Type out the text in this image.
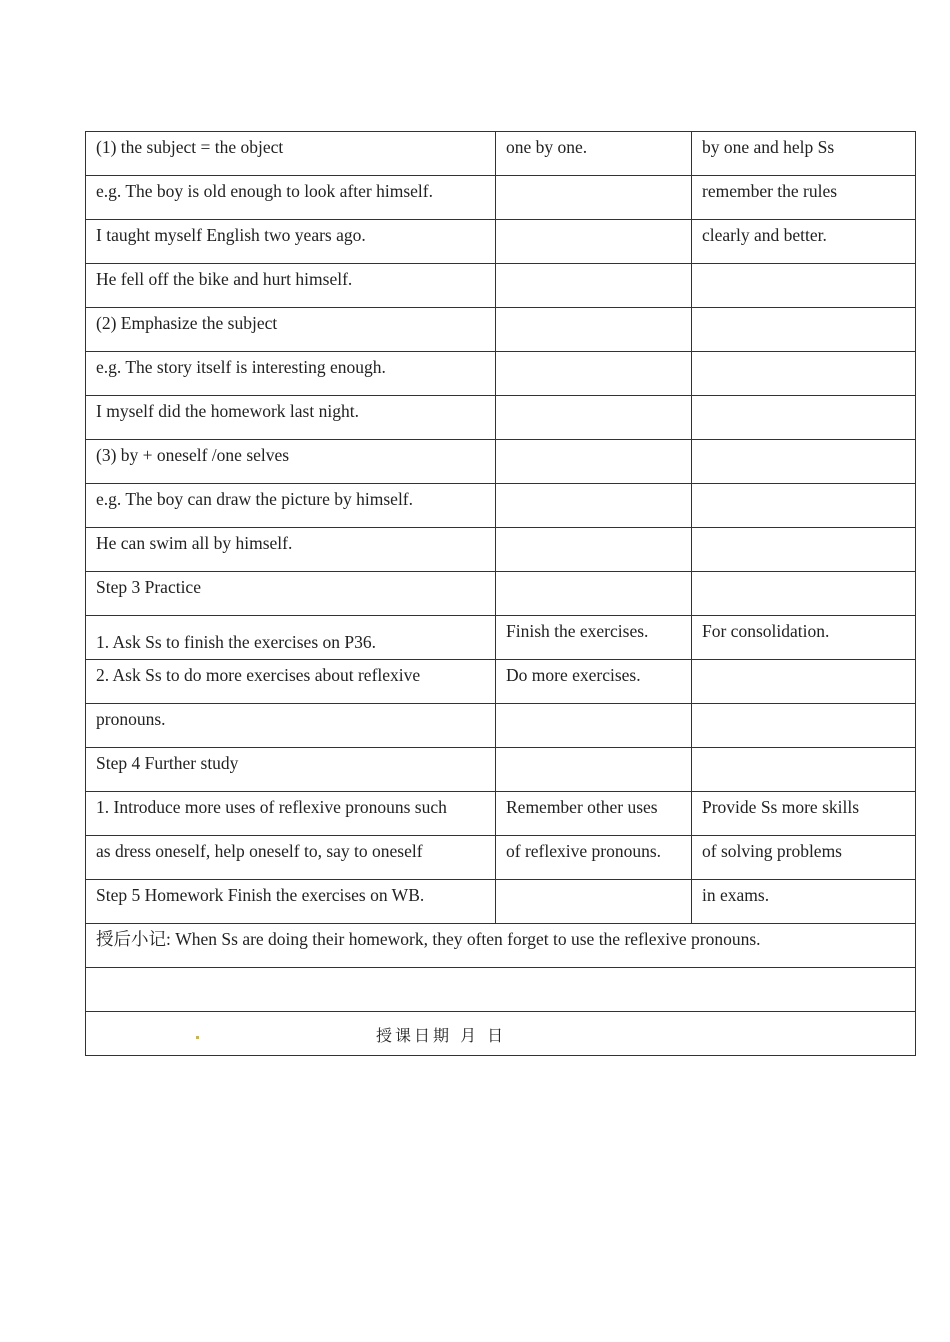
(1) the subject = the object	one by one.	by one and help Ss

e.g. The boy is old enough to look after himself.		remember the rules

I taught myself English two years ago.		clearly and better.

He fell off the bike and hurt himself.		

(2) Emphasize the subject		

e.g. The story itself is interesting enough.		

I myself did the homework last night.		

(3) by + oneself /one selves		

e.g. The boy can draw the picture by himself.		

He can swim all by himself.		

Step 3 Practice		

1. Ask Ss to finish the exercises on P36.	Finish the exercises.	For consolidation.

2. Ask Ss to do more exercises about reflexive	Do more exercises.	

pronouns.		

Step 4 Further study		

1. Introduce more uses of reflexive pronouns such	Remember other uses	Provide Ss more skills

as dress oneself, help oneself to, say to oneself	of reflexive pronouns.	of solving problems

Step 5 Homework Finish the exercises on WB.		in exams.

授后小记: When Ss are doing their homework, they often forget to use the reflexive pronouns.		

授课日期 月 日		
